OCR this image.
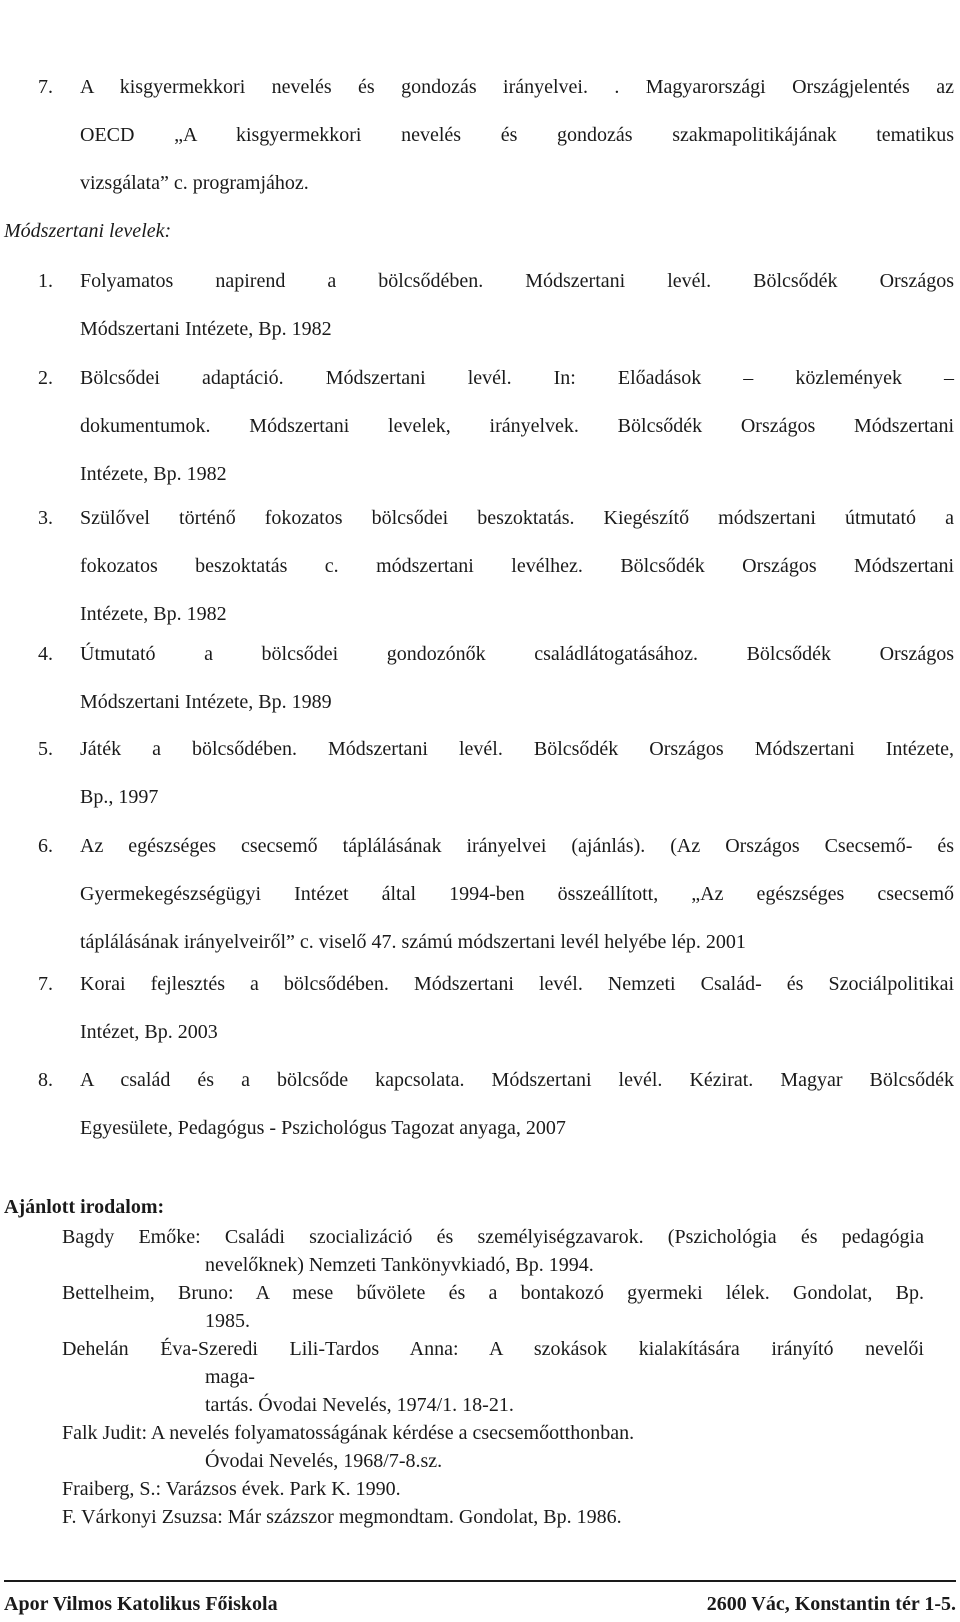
7. A kisgyermekkori nevelés és gondozás irányelvei. . Magyarországi Országjelentés az
OECD „A kisgyermekkori nevelés és gondozás szakmapolitikájának tematikus
vizsgálata” c. programjához.
Módszertani levelek:
1. Folyamatos napirend a bölcsődében. Módszertani levél. Bölcsődék Országos
Módszertani Intézete, Bp. 1982
2. Bölcsődei adaptáció. Módszertani levél. In: Előadások – közlemények –
dokumentumok. Módszertani levelek, irányelvek. Bölcsődék Országos Módszertani
Intézete, Bp. 1982
3. Szülővel történő fokozatos bölcsődei beszoktatás. Kiegészítő módszertani útmutató a
fokozatos beszoktatás c. módszertani levélhez. Bölcsődék Országos Módszertani
Intézete, Bp. 1982
4. Útmutató a bölcsődei gondozónők családlátogatásához. Bölcsődék Országos
Módszertani Intézete, Bp. 1989
5. Játék a bölcsődében. Módszertani levél. Bölcsődék Országos Módszertani Intézete,
Bp., 1997
6. Az egészséges csecsemő táplálásának irányelvei (ajánlás). (Az Országos Csecsemő- és
Gyermekegészségügyi Intézet által 1994-ben összeállított, „Az egészséges csecsemő
táplálásának irányelveiről” c. viselő 47. számú módszertani levél helyébe lép. 2001
7. Korai fejlesztés a bölcsődében. Módszertani levél. Nemzeti Család- és Szociálpolitikai
Intézet, Bp. 2003
8. A család és a bölcsőde kapcsolata. Módszertani levél. Kézirat. Magyar Bölcsődék
Egyesülete, Pedagógus - Pszichológus Tagozat anyaga, 2007
Ajánlott irodalom:
Bagdy Emőke: Családi szocializáció és személyiségzavarok. (Pszichológia és pedagógia
nevelőknek) Nemzeti Tankönyvkiadó, Bp. 1994.
Bettelheim, Bruno: A mese bűvölete és a bontakozó gyermeki lélek. Gondolat, Bp.
1985.
Dehelán Éva-Szeredi Lili-Tardos Anna: A szokások kialakítására irányító nevelői
maga-
tartás. Óvodai Nevelés, 1974/1. 18-21.
Falk Judit: A nevelés folyamatosságának kérdése a csecsemőotthonban.
Óvodai Nevelés, 1968/7-8.sz.
Fraiberg, S.: Varázsos évek. Park K. 1990.
F. Várkonyi Zsuzsa: Már százszor megmondtam. Gondolat, Bp. 1986.
Apor Vilmos Katolikus Főiskola	2600 Vác, Konstantin tér 1-5.
